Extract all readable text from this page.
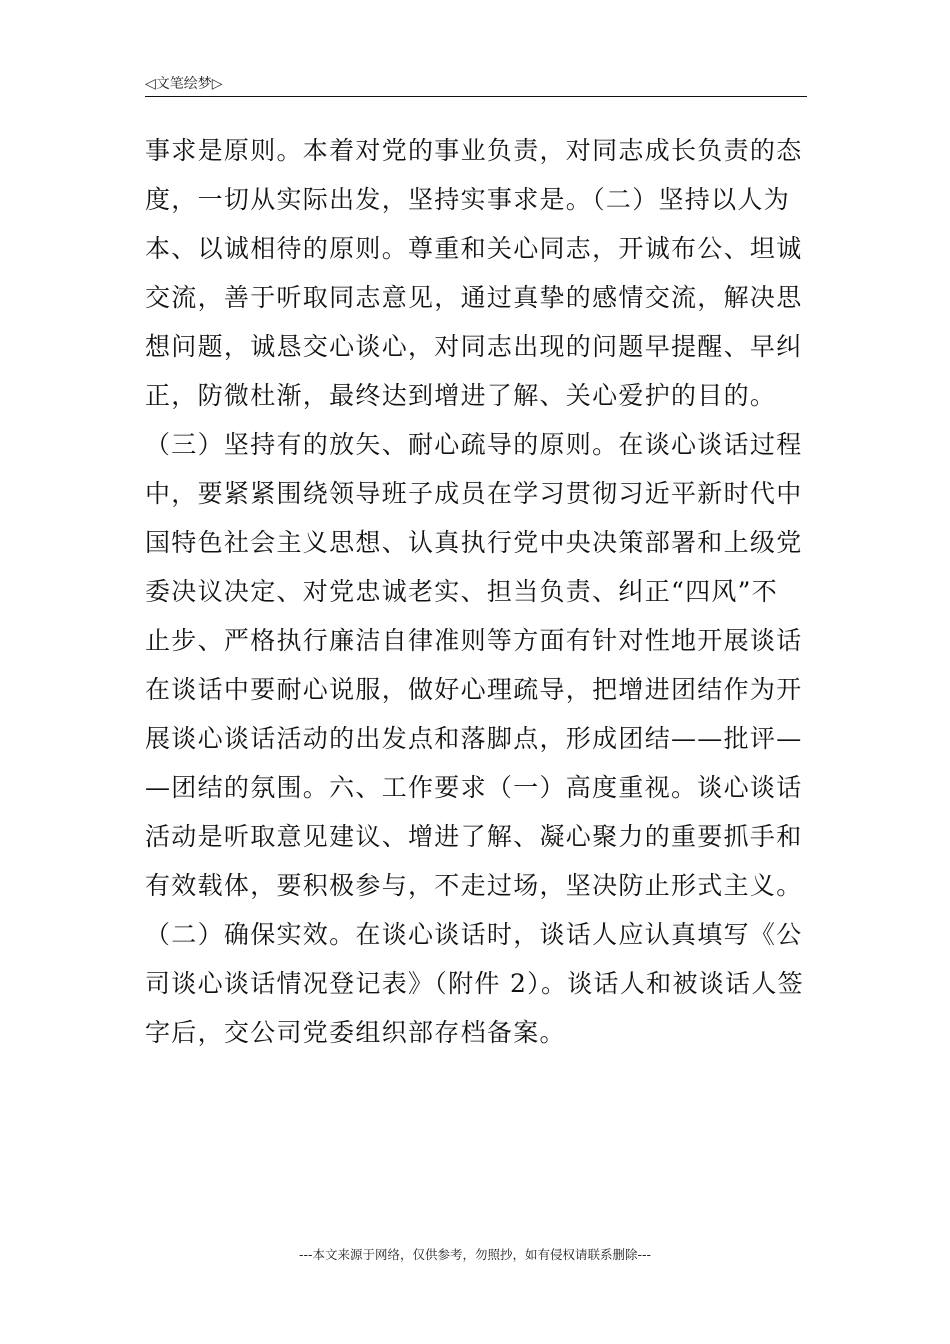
◁文笔绘梦▷
事求是原则。本着对党的事业负责，对同志成长负责的态
度，一切从实际出发，坚持实事求是。（二）坚持以人为
本、以诚相待的原则。尊重和关心同志，开诚布公、坦诚
交流，善于听取同志意见，通过真挚的感情交流，解决思
想问题，诚恳交心谈心，对同志出现的问题早提醒、早纠
正，防微杜渐，最终达到增进了解、关心爱护的目的。
（三）坚持有的放矢、耐心疏导的原则。在谈心谈话过程
中，要紧紧围绕领导班子成员在学习贯彻习近平新时代中
国特色社会主义思想、认真执行党中央决策部署和上级党
委决议决定、对党忠诚老实、担当负责、纠正“四风”不
止步、严格执行廉洁自律准则等方面有针对性地开展谈话
在谈话中要耐心说服，做好心理疏导，把增进团结作为开
展谈心谈话活动的出发点和落脚点，形成团结——批评—
—团结的氛围。六、工作要求（一）高度重视。谈心谈话
活动是听取意见建议、增进了解、凝心聚力的重要抓手和
有效载体，要积极参与，不走过场，坚决防止形式主义。
（二）确保实效。在谈心谈话时，谈话人应认真填写《公
司谈心谈话情况登记表》（附件 2）。谈话人和被谈话人签
字后，交公司党委组织部存档备案。
---本文来源于网络，仅供参考，勿照抄，如有侵权请联系删除---
